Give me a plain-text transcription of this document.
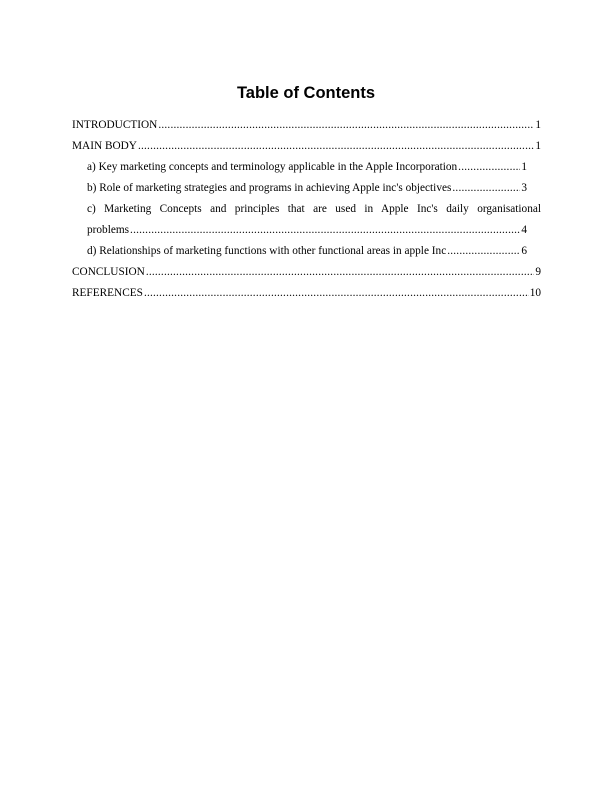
Table of Contents
INTRODUCTION .....	1
MAIN BODY .....	1
a) Key marketing concepts and terminology applicable in the Apple Incorporation .....	1
b) Role of marketing strategies and programs in achieving Apple inc's objectives .....	3
c) Marketing Concepts and principles that are used in Apple Inc's daily organisational
problems .....	4
d) Relationships of marketing functions with other functional areas in apple Inc .....	6
CONCLUSION .....	9
REFERENCES .....	10
